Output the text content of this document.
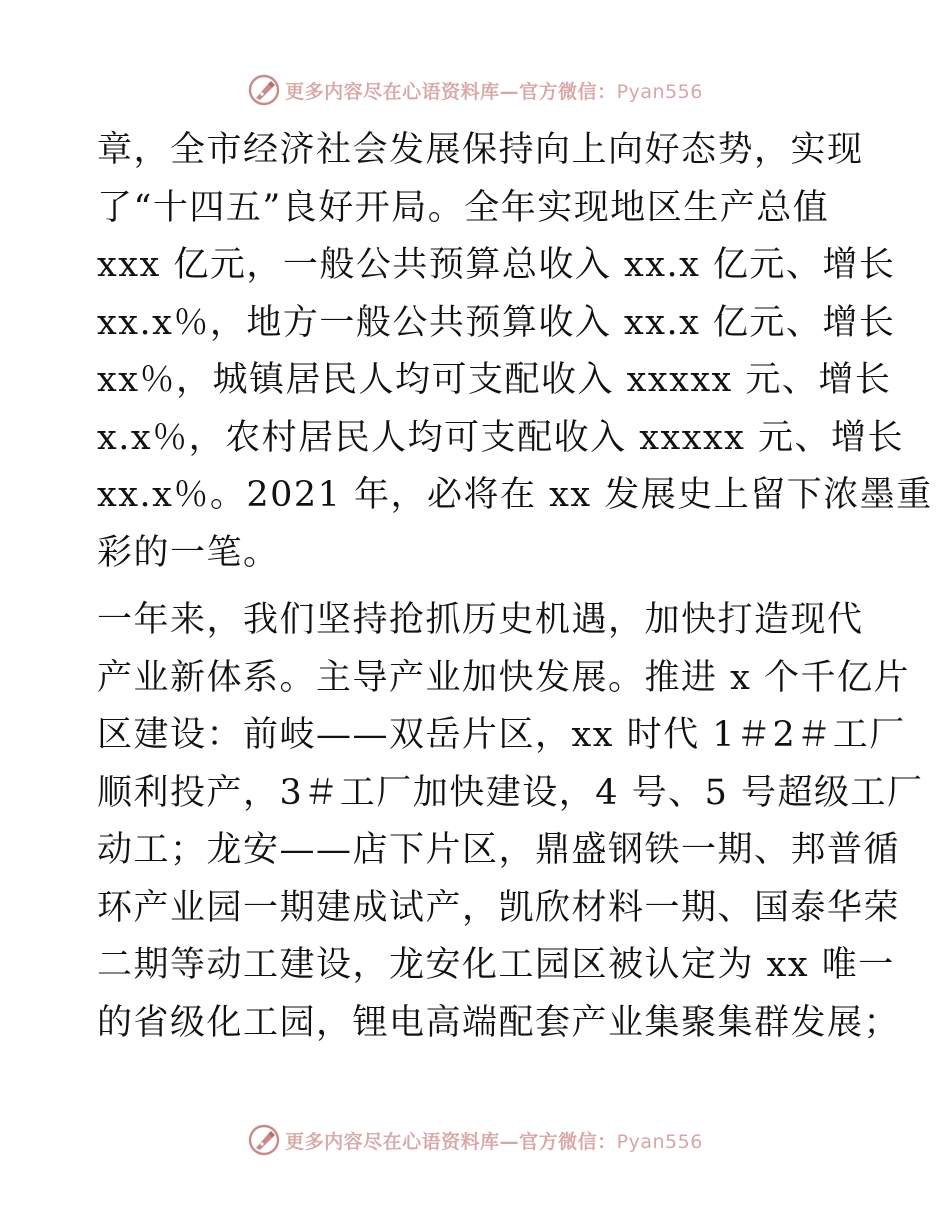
更多内容尽在心语资料库—官方微信：Pyan556
章，全市经济社会发展保持向上向好态势，实现
了“十四五”良好开局。全年实现地区生产总值
xxx 亿元，一般公共预算总收入 xx.x 亿元、增长
xx.x％，地方一般公共预算收入 xx.x 亿元、增长
xx％，城镇居民人均可支配收入 xxxxx 元、增长
x.x％，农村居民人均可支配收入 xxxxx 元、增长
xx.x％。2021 年，必将在 xx 发展史上留下浓墨重
彩的一笔。
一年来，我们坚持抢抓历史机遇，加快打造现代
产业新体系。主导产业加快发展。推进 x 个千亿片
区建设：前岐——双岳片区，xx 时代 1＃2＃工厂
顺利投产，3＃工厂加快建设，4 号、5 号超级工厂
动工；龙安——店下片区，鼎盛钢铁一期、邦普循
环产业园一期建成试产，凯欣材料一期、国泰华荣
二期等动工建设，龙安化工园区被认定为 xx 唯一
的省级化工园，锂电高端配套产业集聚集群发展；
更多内容尽在心语资料库—官方微信：Pyan556
